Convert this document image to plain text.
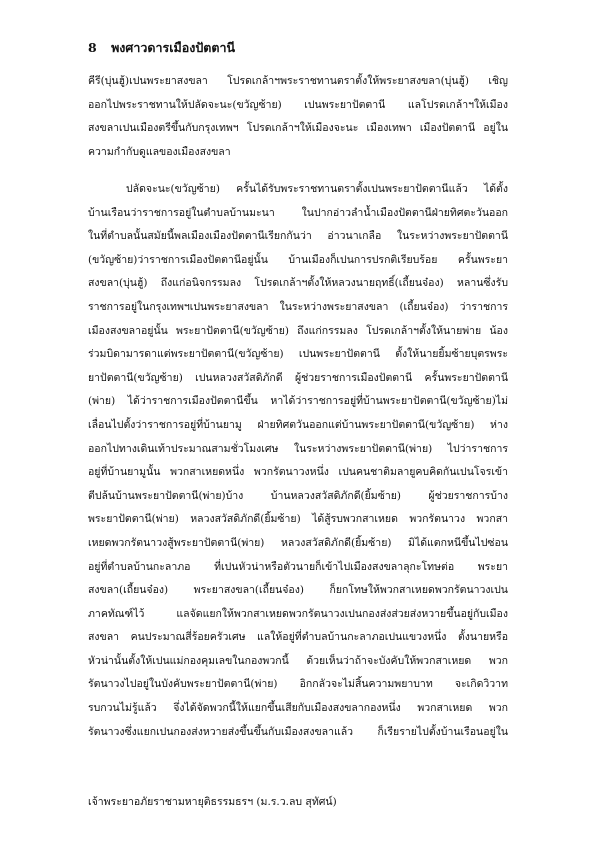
8 พงศาวดารเมืองปัตตานี
คีรี(บุ่นฮู้)เปนพระยาสงขลา โปรดเกล้าฯพระราชทานตราตั้งให้พระยาสงขลา(บุ่นฮู้) เชิญ
ออกไปพระราชทานให้ปลัดจะนะ(ขวัญซ้าย) เปนพระยาปัตตานี แลโปรดเกล้าฯให้เมือง
สงขลาเปนเมืองตรีขึ้นกับกรุงเทพฯ โปรดเกล้าฯให้เมืองจะนะ เมืองเทพา เมืองปัตตานี อยู่ใน
ความกำกับดูแลของเมืองสงขลา
ปลัดจะนะ(ขวัญซ้าย) ครั้นได้รับพระราชทานตราตั้งเปนพระยาปัตตานีแล้ว ได้ตั้ง
บ้านเรือนว่าราชการอยู่ในตำบลบ้านมะนา ในปากอ่าวลำน้ำเมืองปัตตานีฝ่ายทิศตะวันออก
ในที่ตำบลนั้นสมัยนี้พลเมืองเมืองปัตตานีเรียกกันว่า อ่าวนาเกลือ ในระหว่างพระยาปัตตานี
(ขวัญซ้าย)ว่าราชการเมืองปัตตานีอยู่นั้น บ้านเมืองก็เปนการปรกติเรียบร้อย ครั้นพระยา
สงขลา(บุ่นฮู้) ถึงแก่อนิจกรรมลง โปรดเกล้าฯตั้งให้หลวงนายฤทธิ์(เถี้ยนจ๋อง) หลานซึ่งรับ
ราชการอยู่ในกรุงเทพฯเปนพระยาสงขลา ในระหว่างพระยาสงขลา (เถี้ยนจ๋อง) ว่าราชการ
เมืองสงขลาอยู่นั้น พระยาปัตตานี(ขวัญซ้าย) ถึงแก่กรรมลง โปรดเกล้าฯตั้งให้นายพ่าย น้อง
ร่วมบิดามารดาแต่พระยาปัตตานี(ขวัญซ้าย) เปนพระยาปัตตานี ตั้งให้นายยิ้มซ้ายบุตรพระ
ยาปัตตานี(ขวัญซ้าย) เปนหลวงสวัสดิภักดี ผู้ช่วยราชการเมืองปัตตานี ครั้นพระยาปัตตานี
(พ่าย) ได้ว่าราชการเมืองปัตตานีขึ้น หาได้ว่าราชการอยู่ที่บ้านพระยาปัตตานี(ขวัญซ้าย)ไม่
เลื่อนไปตั้งว่าราชการอยู่ที่บ้านยามู ฝ่ายทิศตวันออกแต่บ้านพระยาปัตตานี(ขวัญซ้าย) ห่าง
ออกไปทางเดินเท้าประมาณสามชั่วโมงเศษ ในระหว่างพระยาปัตตานี(พ่าย) ไปว่าราชการ
อยู่ที่บ้านยามูนั้น พวกสาเหยดหนึ่ง พวกรัตนาวงหนึ่ง เปนคนชาติมลายูคบคิดกันเปนโจรเข้า
ตีปล้นบ้านพระยาปัตตานี(พ่าย)บ้าง บ้านหลวงสวัสดิภักดี(ยิ้มซ้าย) ผู้ช่วยราชการบ้าง
พระยาปัตตานี(พ่าย) หลวงสวัสดิภักดี(ยิ้มซ้าย) ได้สู้รบพวกสาเหยด พวกรัตนาวง พวกสา
เหยดพวกรัตนาวงสู้พระยาปัตตานี(พ่าย) หลวงสวัสดิภักดี(ยิ้มซ้าย) มิได้แตกหนีขึ้นไปซ่อน
อยู่ที่ตำบลบ้านกะลาภอ ที่เปนหัวน่าหรือตัวนายก็เข้าไปเมืองสงขลาลุกะโทษต่อ พระยา
สงขลา(เถี้ยนจ๋อง) พระยาสงขลา(เถี้ยนจ๋อง) ก็ยกโทษให้พวกสาเหยดพวกรัตนาวงเปน
ภาคทัณฑ์ไว้ แลจัดแยกให้พวกสาเหยดพวกรัตนาวงเปนกองส่งส่วยส่งหวายขึ้นอยู่กับเมือง
สงขลา คนประมาณสี่ร้อยครัวเศษ แลให้อยู่ที่ตำบลบ้านกะลาภอเปนแขวงหนึ่ง ตั้งนายหรือ
หัวน่านั้นตั้งให้เปนแม่กองคุมเลขในกองพวกนี้ ด้วยเห็นว่าถ้าจะบังคับให้พวกสาเหยด พวก
รัตนาวงไปอยู่ในบังคับพระยาปัตตานี(พ่าย) อิกกลัวจะไม่สิ้นความพยาบาท จะเกิดวิวาท
รบกวนไม่รู้แล้ว จึ่งได้จัดพวกนี้ให้แยกขึ้นเสียกับเมืองสงขลากองหนึ่ง พวกสาเหยด พวก
รัตนาวงซึ่งแยกเปนกองส่งหวายส่งขึ้นขึ้นกับเมืองสงขลาแล้ว ก็เรียรายไปตั้งบ้านเรือนอยู่ใน
เจ้าพระยาอภัยราชามหายุติธรรมธรฯ (ม.ร.ว.ลบ สุทัศน์)
